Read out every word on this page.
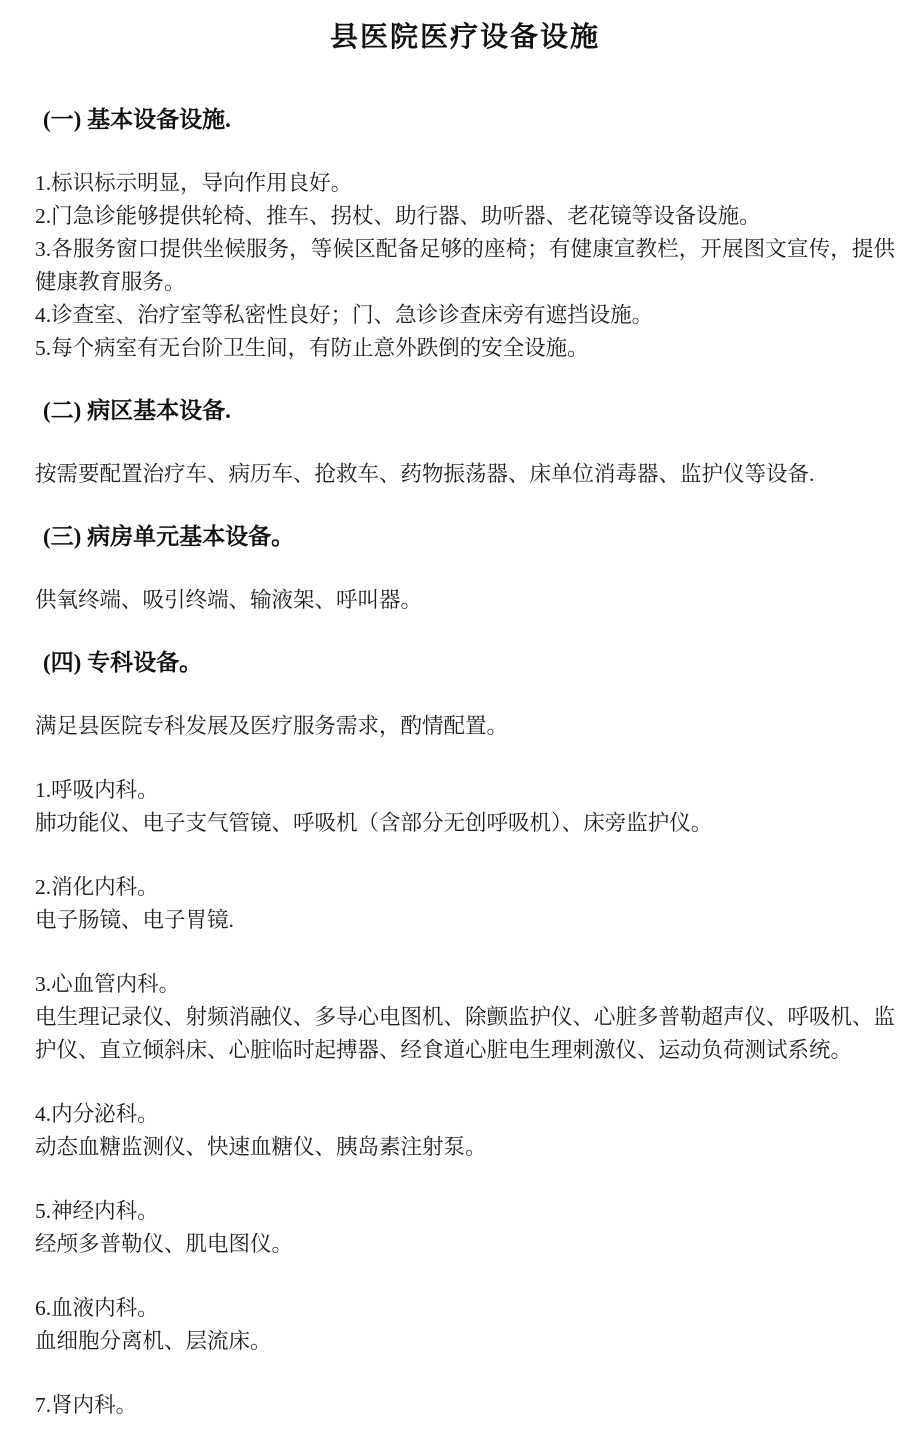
县医院医疗设备设施
(一) 基本设备设施.

1.标识标示明显，导向作用良好。

2.门急诊能够提供轮椅、推车、拐杖、助行器、助听器、老花镜等设备设施。

3.各服务窗口提供坐候服务，等候区配备足够的座椅；有健康宣教栏，开展图文宣传，提供健康教育服务。

4.诊查室、治疗室等私密性良好；门、急诊诊查床旁有遮挡设施。

5.每个病室有无台阶卫生间，有防止意外跌倒的安全设施。

(二) 病区基本设备.

按需要配置治疗车、病历车、抢救车、药物振荡器、床单位消毒器、监护仪等设备.

(三) 病房单元基本设备。

供氧终端、吸引终端、输液架、呼叫器。

(四) 专科设备。

满足县医院专科发展及医疗服务需求，酌情配置。

1.呼吸内科。

肺功能仪、电子支气管镜、呼吸机（含部分无创呼吸机）、床旁监护仪。

2.消化内科。

电子肠镜、电子胃镜.

3.心血管内科。

电生理记录仪、射频消融仪、多导心电图机、除颤监护仪、心脏多普勒超声仪、呼吸机、监护仪、直立倾斜床、心脏临时起搏器、经食道心脏电生理刺激仪、运动负荷测试系统。

4.内分泌科。

动态血糖监测仪、快速血糖仪、胰岛素注射泵。

5.神经内科。

经颅多普勒仪、肌电图仪。

6.血液内科。

血细胞分离机、层流床。

7.肾内科。
